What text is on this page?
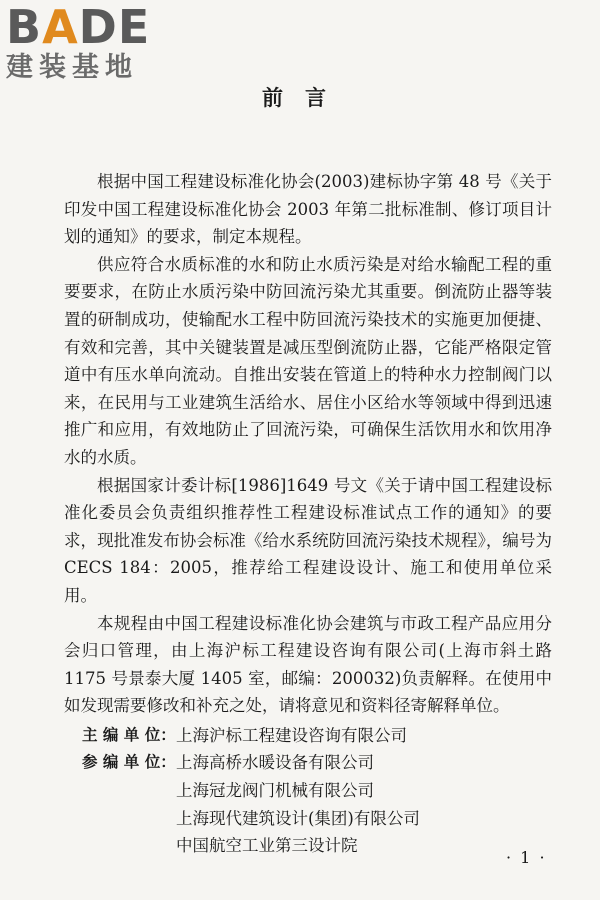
BADE
建装基地
前言

根据中国工程建设标准化协会(2003)建标协字第 48 号《关于印发中国工程建设标准化协会 2003 年第二批标准制、修订项目计划的通知》的要求，制定本规程。

供应符合水质标准的水和防止水质污染是对给水输配工程的重要要求，在防止水质污染中防回流污染尤其重要。倒流防止器等装置的研制成功，使输配水工程中防回流污染技术的实施更加便捷、有效和完善，其中关键装置是减压型倒流防止器，它能严格限定管道中有压水单向流动。自推出安装在管道上的特种水力控制阀门以来，在民用与工业建筑生活给水、居住小区给水等领域中得到迅速推广和应用，有效地防止了回流污染，可确保生活饮用水和饮用净水的水质。

根据国家计委计标[1986]1649 号文《关于请中国工程建设标准化委员会负责组织推荐性工程建设标准试点工作的通知》的要求，现批准发布协会标准《给水系统防回流污染技术规程》，编号为 CECS 184：2005，推荐给工程建设设计、施工和使用单位采用。

本规程由中国工程建设标准化协会建筑与市政工程产品应用分会归口管理，由上海沪标工程建设咨询有限公司(上海市斜土路 1175 号景泰大厦 1405 室，邮编：200032)负责解释。在使用中如发现需要修改和补充之处，请将意见和资料径寄解释单位。

主 编 单 位： 上海沪标工程建设咨询有限公司
参 编 单 位： 上海高桥水暖设备有限公司
上海冠龙阀门机械有限公司
上海现代建筑设计(集团)有限公司
中国航空工业第三设计院
· 1 ·
